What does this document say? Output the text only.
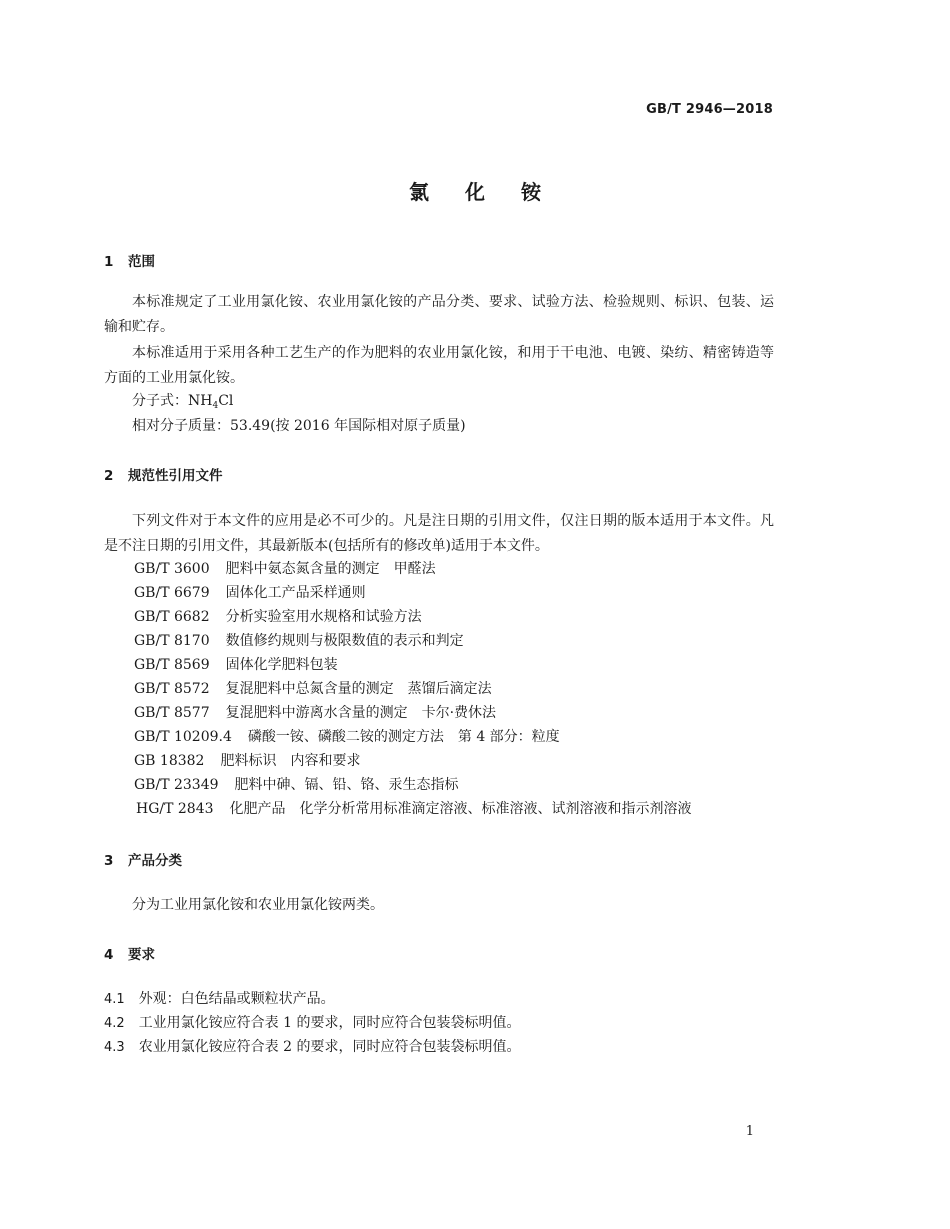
GB/T 2946—2018
氯化铵
1 范围
本标准规定了工业用氯化铵、农业用氯化铵的产品分类、要求、试验方法、检验规则、标识、包装、运输和贮存。
本标准适用于采用各种工艺生产的作为肥料的农业用氯化铵，和用于干电池、电镀、染纺、精密铸造等方面的工业用氯化铵。
分子式：$NH_4Cl$
相对分子质量：53.49(按 2016 年国际相对原子质量)
2 规范性引用文件
下列文件对于本文件的应用是必不可少的。凡是注日期的引用文件，仅注日期的版本适用于本文件。凡是不注日期的引用文件，其最新版本(包括所有的修改单)适用于本文件。
GB/T 3600 肥料中氨态氮含量的测定　甲醛法
GB/T 6679 固体化工产品采样通则
GB/T 6682 分析实验室用水规格和试验方法
GB/T 8170 数值修约规则与极限数值的表示和判定
GB/T 8569 固体化学肥料包装
GB/T 8572 复混肥料中总氮含量的测定　蒸馏后滴定法
GB/T 8577 复混肥料中游离水含量的测定　卡尔·费休法
GB/T 10209.4 磷酸一铵、磷酸二铵的测定方法　第 4 部分：粒度
GB 18382 肥料标识　内容和要求
GB/T 23349 肥料中砷、镉、铅、铬、汞生态指标
HG/T 2843 化肥产品　化学分析常用标准滴定溶液、标准溶液、试剂溶液和指示剂溶液
3 产品分类
分为工业用氯化铵和农业用氯化铵两类。
4 要求
4.1 外观：白色结晶或颗粒状产品。
4.2 工业用氯化铵应符合表 1 的要求，同时应符合包装袋标明值。
4.3 农业用氯化铵应符合表 2 的要求，同时应符合包装袋标明值。
1
